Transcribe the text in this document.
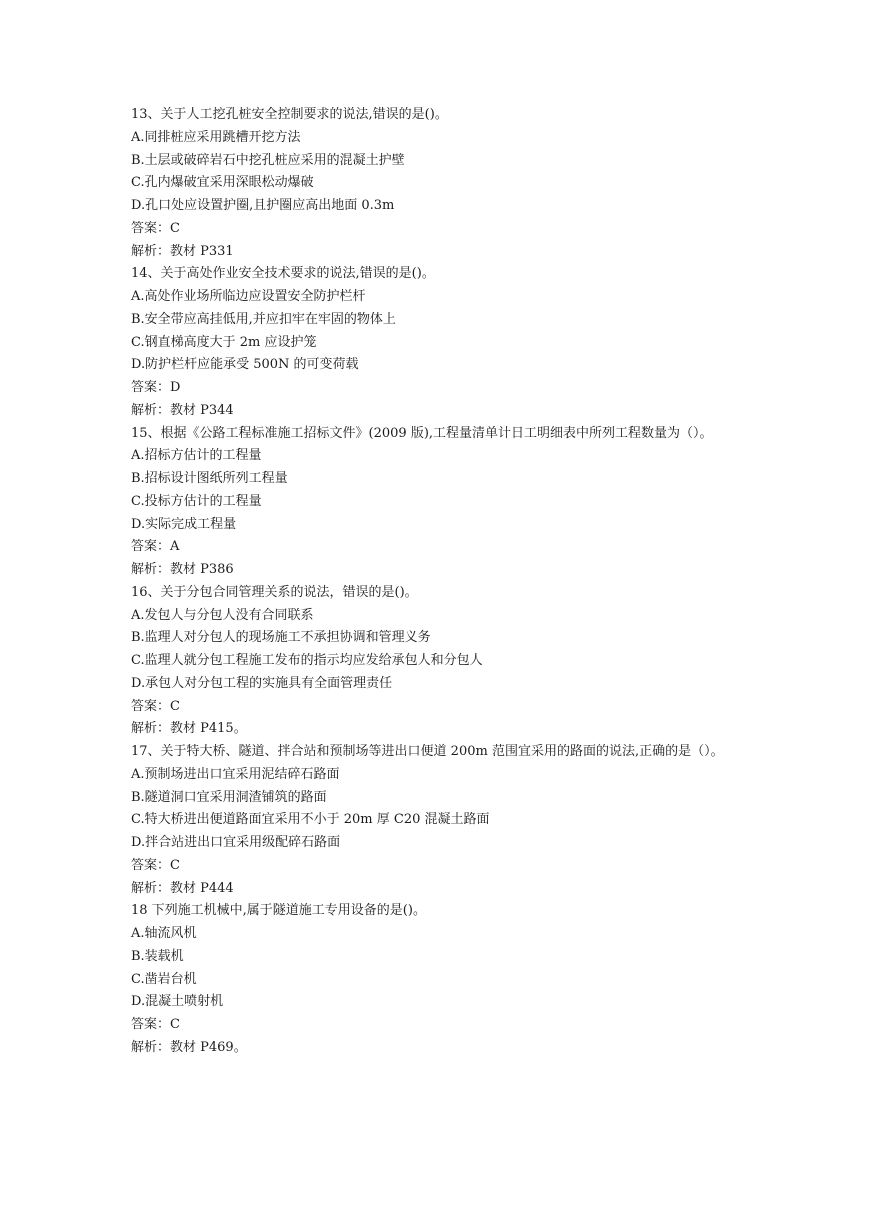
13、关于人工挖孔桩安全控制要求的说法,错误的是()。
A.同排桩应采用跳槽开挖方法
B.土层或破碎岩石中挖孔桩应采用的混凝土护壁
C.孔内爆破宜采用深眼松动爆破
D.孔口处应设置护圈,且护圈应高出地面 0.3m
答案：C
解析：教材 P331
14、关于高处作业安全技术要求的说法,错误的是()。
A.高处作业场所临边应设置安全防护栏杆
B.安全带应高挂低用,并应扣牢在牢固的物体上
C.钢直梯高度大于 2m 应设护笼
D.防护栏杆应能承受 500N 的可变荷载
答案：D
解析：教材 P344
15、根据《公路工程标准施工招标文件》(2009 版),工程量清单计日工明细表中所列工程数量为（）。
A.招标方估计的工程量
B.招标设计图纸所列工程量
C.投标方估计的工程量
D.实际完成工程量
答案：A
解析：教材 P386
16、关于分包合同管理关系的说法，错误的是()。
A.发包人与分包人没有合同联系
B.监理人对分包人的现场施工不承担协调和管理义务
C.监理人就分包工程施工发布的指示均应发给承包人和分包人
D.承包人对分包工程的实施具有全面管理责任
答案：C
解析：教材 P415。
17、关于特大桥、隧道、拌合站和预制场等进出口便道 200m 范围宜采用的路面的说法,正确的是（）。
A.预制场进出口宜采用泥结碎石路面
B.隧道洞口宜采用洞渣铺筑的路面
C.特大桥进出便道路面宜采用不小于 20m 厚 C20 混凝土路面
D.拌合站进出口宜采用级配碎石路面
答案：C
解析：教材 P444
18 下列施工机械中,属于隧道施工专用设备的是()。
A.轴流风机
B.装载机
C.凿岩台机
D.混凝土喷射机
答案：C
解析：教材 P469。
